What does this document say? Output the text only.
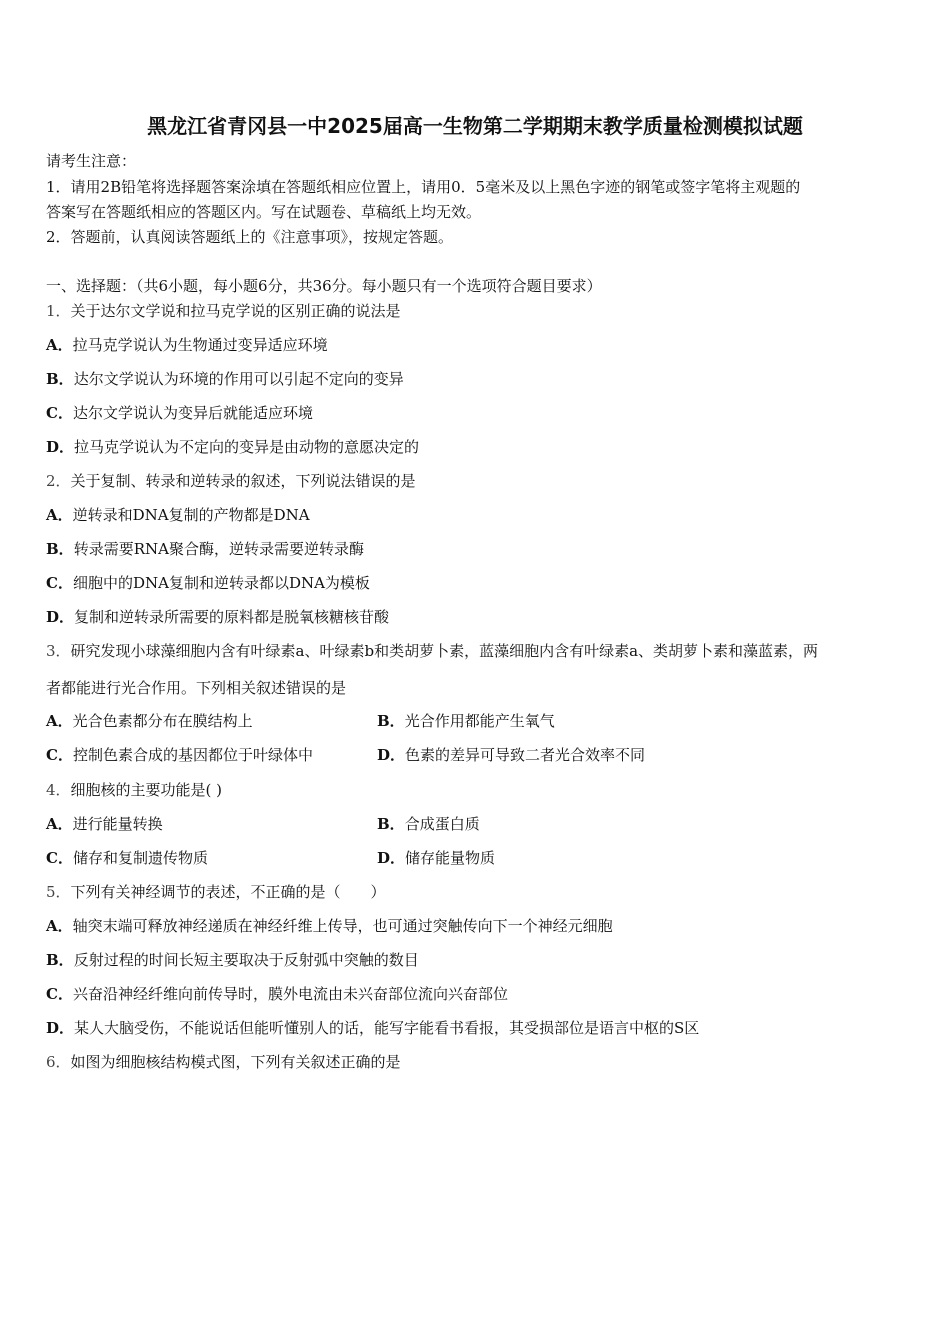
黑龙江省青冈县一中2025届高一生物第二学期期末教学质量检测模拟试题
请考生注意：
1．请用2B铅笔将选择题答案涂填在答题纸相应位置上，请用0．5毫米及以上黑色字迹的钢笔或签字笔将主观题的
答案写在答题纸相应的答题区内。写在试题卷、草稿纸上均无效。
2．答题前，认真阅读答题纸上的《注意事项》，按规定答题。
一、选择题：（共6小题，每小题6分，共36分。每小题只有一个选项符合题目要求）
1．关于达尔文学说和拉马克学说的区别正确的说法是
A．拉马克学说认为生物通过变异适应环境
B．达尔文学说认为环境的作用可以引起不定向的变异
C．达尔文学说认为变异后就能适应环境
D．拉马克学说认为不定向的变异是由动物的意愿决定的
2．关于复制、转录和逆转录的叙述，下列说法错误的是
A．逆转录和DNA复制的产物都是DNA
B．转录需要RNA聚合酶，逆转录需要逆转录酶
C．细胞中的DNA复制和逆转录都以DNA为模板
D．复制和逆转录所需要的原料都是脱氧核糖核苷酸
3．研究发现小球藻细胞内含有叶绿素a、叶绿素b和类胡萝卜素，蓝藻细胞内含有叶绿素a、类胡萝卜素和藻蓝素，两
者都能进行光合作用。下列相关叙述错误的是
A．光合色素都分布在膜结构上	B．光合作用都能产生氧气
C．控制色素合成的基因都位于叶绿体中	D．色素的差异可导致二者光合效率不同
4．细胞核的主要功能是( )
A．进行能量转换	B．合成蛋白质
C．储存和复制遗传物质	D．储存能量物质
5．下列有关神经调节的表述，不正确的是（　　）
A．轴突末端可释放神经递质在神经纤维上传导，也可通过突触传向下一个神经元细胞
B．反射过程的时间长短主要取决于反射弧中突触的数目
C．兴奋沿神经纤维向前传导时，膜外电流由未兴奋部位流向兴奋部位
D．某人大脑受伤，不能说话但能听懂别人的话，能写字能看书看报，其受损部位是语言中枢的S区
6．如图为细胞核结构模式图，下列有关叙述正确的是
